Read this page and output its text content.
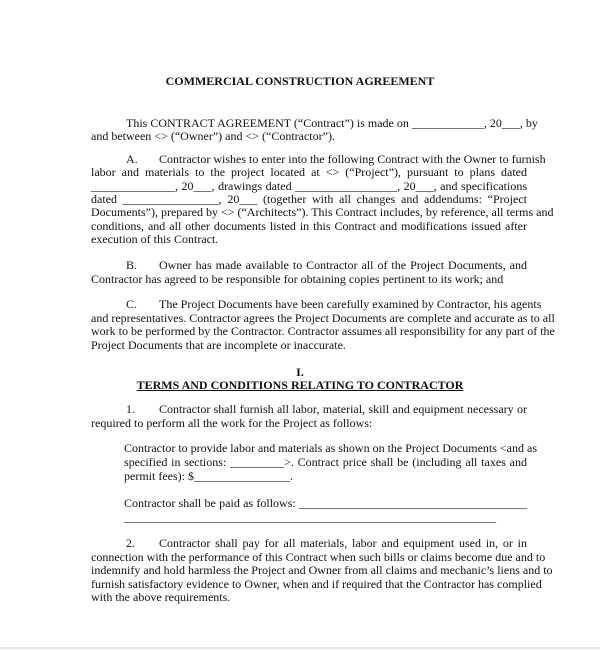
COMMERCIAL CONSTRUCTION AGREEMENT
I.
TERMS AND CONDITIONS RELATING TO CONTRACTOR
This CONTRACT AGREEMENT (“Contract”) is made on ____________, 20___, by
and between <> (“Owner”) and <> (“Contractor”).
A. Contractor wishes to enter into the following Contract with the Owner to furnish
labor and materials to the project located at <> (“Project”), pursuant to plans dated
______________, 20___, drawings dated _________________, 20___, and specifications
dated ________________, 20___ (together with all changes and addendums: “Project
Documents”), prepared by <> (“Architects”). This Contract includes, by reference, all terms and
conditions, and all other documents listed in this Contract and modifications issued after
execution of this Contract.
B. Owner has made available to Contractor all of the Project Documents, and
Contractor has agreed to be responsible for obtaining copies pertinent to its work; and
C. The Project Documents have been carefully examined by Contractor, his agents
and representatives. Contractor agrees the Project Documents are complete and accurate as to all
work to be performed by the Contractor. Contractor assumes all responsibility for any part of the
Project Documents that are incomplete or inaccurate.
1. Contractor shall furnish all labor, material, skill and equipment necessary or
required to perform all the work for the Project as follows:
Contractor to provide labor and materials as shown on the Project Documents <and as
specified in sections: _________>. Contract price shall be (including all taxes and
permit fees): $________________.
Contractor shall be paid as follows: ______________________________________
______________________________________________________________
2. Contractor shall pay for all materials, labor and equipment used in, or in
connection with the performance of this Contract when such bills or claims become due and to
indemnify and hold harmless the Project and Owner from all claims and mechanic’s liens and to
furnish satisfactory evidence to Owner, when and if required that the Contractor has complied
with the above requirements.
